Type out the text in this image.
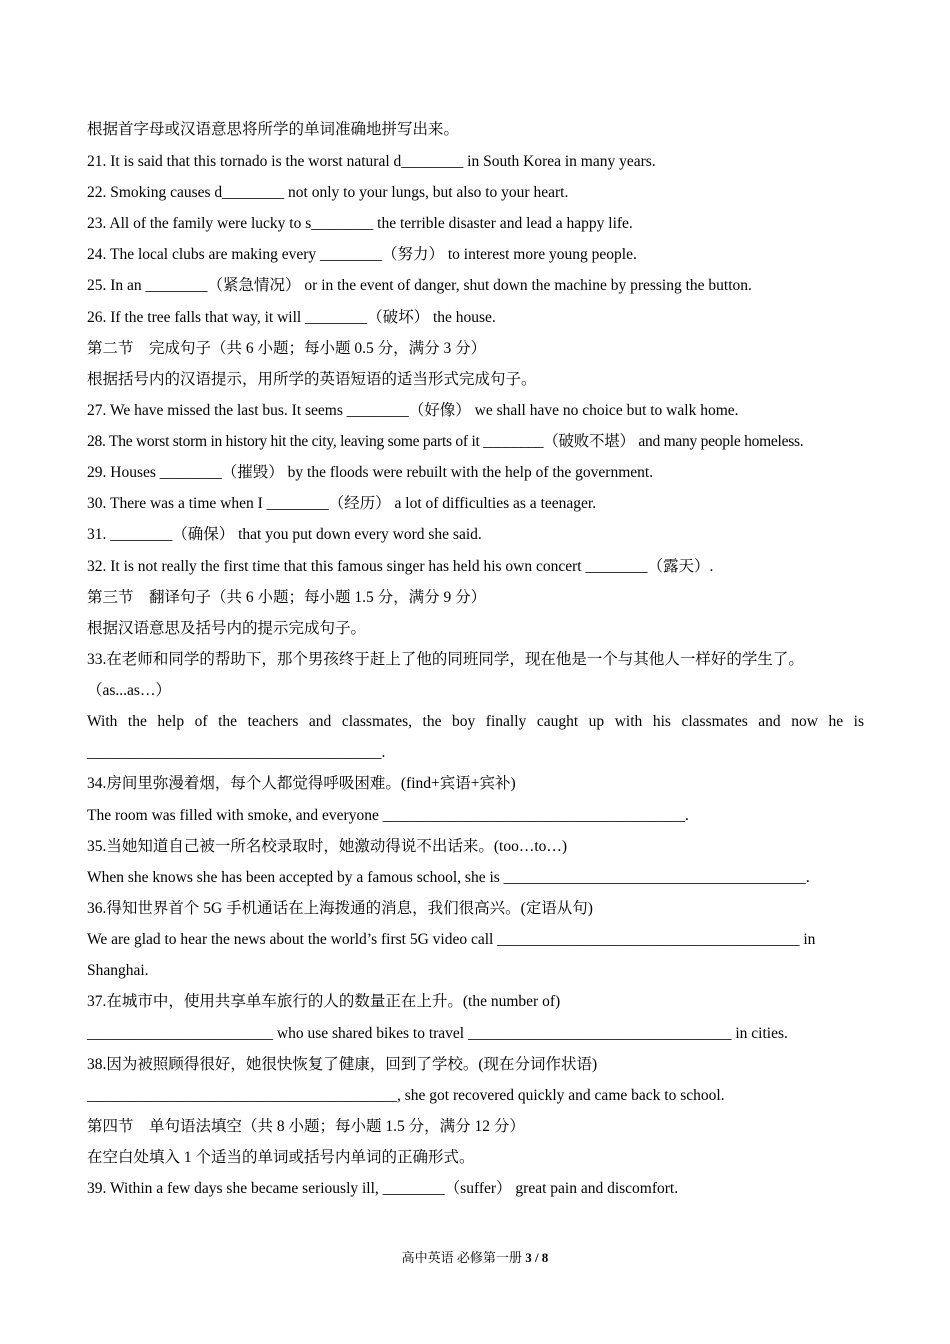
根据首字母或汉语意思将所学的单词准确地拼写出来。
21. It is said that this tornado is the worst natural d________ in South Korea in many years.
22. Smoking causes d________ not only to your lungs, but also to your heart.
23. All of the family were lucky to s________ the terrible disaster and lead a happy life.
24. The local clubs are making every ________（努力） to interest more young people.
25. In an ________（紧急情况） or in the event of danger, shut down the machine by pressing the button.
26. If the tree falls that way, it will ________（破坏） the house.
第二节　完成句子（共 6 小题；每小题 0.5 分，满分 3 分）
根据括号内的汉语提示，用所学的英语短语的适当形式完成句子。
27. We have missed the last bus. It seems ________（好像） we shall have no choice but to walk home.
28. The worst storm in history hit the city, leaving some parts of it ________（破败不堪） and many people homeless.
29. Houses ________（摧毁） by the floods were rebuilt with the help of the government.
30. There was a time when I ________（经历） a lot of difficulties as a teenager.
31. ________（确保） that you put down every word she said.
32. It is not really the first time that this famous singer has held his own concert ________（露天）.
第三节　翻译句子（共 6 小题；每小题 1.5 分，满分 9 分）
根据汉语意思及括号内的提示完成句子。
33.在老师和同学的帮助下，那个男孩终于赶上了他的同班同学，现在他是一个与其他人一样好的学生了。
（as...as…）
With the help of the teachers and classmates, the boy finally caught up with his classmates and now he is
______________________________________.
34.房间里弥漫着烟，每个人都觉得呼吸困难。(find+宾语+宾补)
The room was filled with smoke, and everyone _______________________________________.
35.当她知道自己被一所名校录取时，她激动得说不出话来。(too…to…)
When she knows she has been accepted by a famous school, she is _______________________________________.
36.得知世界首个 5G 手机通话在上海拨通的消息，我们很高兴。(定语从句)
We are glad to hear the news about the world’s first 5G video call _______________________________________ in
Shanghai.
37.在城市中，使用共享单车旅行的人的数量正在上升。(the number of)
________________________ who use shared bikes to travel __________________________________ in cities.
38.因为被照顾得很好，她很快恢复了健康，回到了学校。(现在分词作状语)
________________________________________, she got recovered quickly and came back to school.
第四节　单句语法填空（共 8 小题；每小题 1.5 分，满分 12 分）
在空白处填入 1 个适当的单词或括号内单词的正确形式。
39. Within a few days she became seriously ill, ________（suffer） great pain and discomfort.
高中英语 必修第一册 3 / 8
